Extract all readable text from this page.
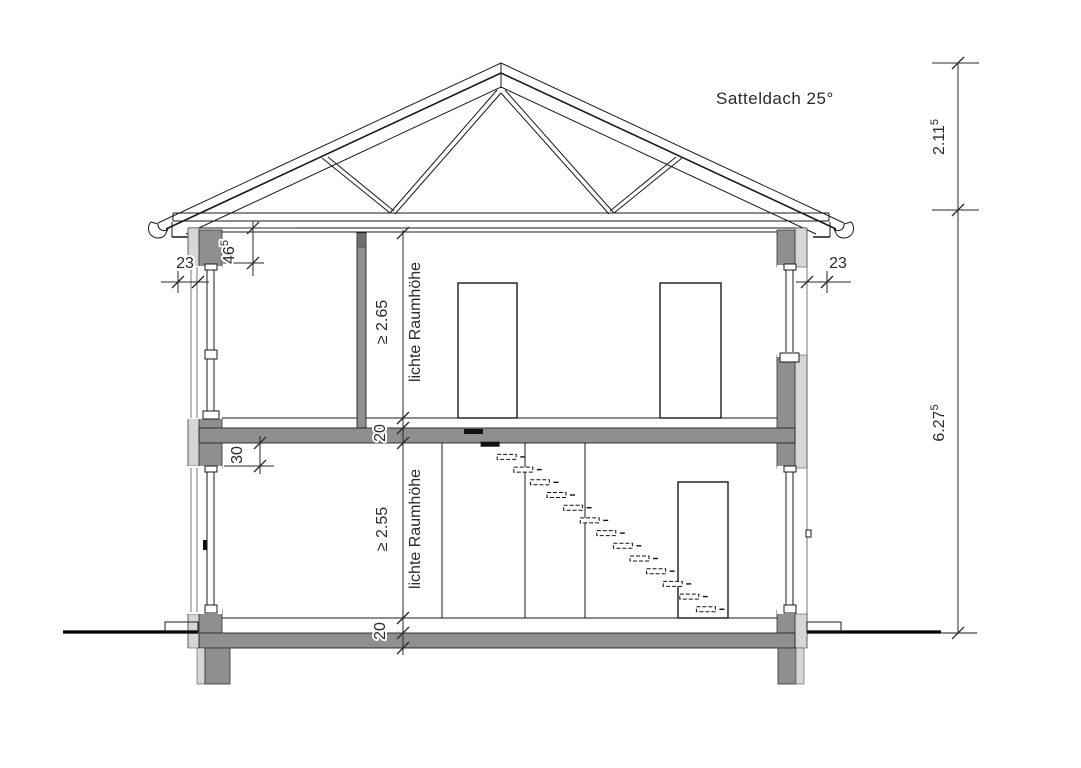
Satteldach 25°
2.11$^5$
6.27$^5$
23	23
$46^5$
30
≥ 2.65 lichte Raumhöhe
20
≥ 2.55 lichte Raumhöhe
20
